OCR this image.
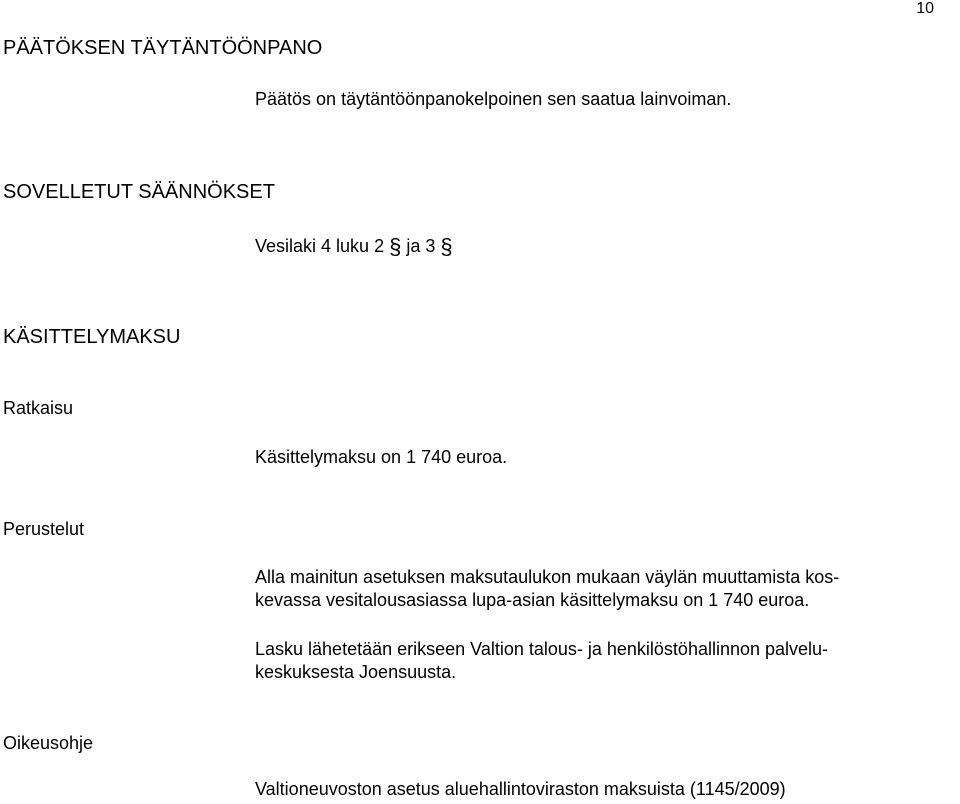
10
PÄÄTÖKSEN TÄYTÄNTÖÖNPANO

Päätös on täytäntöönpanokelpoinen sen saatua lainvoiman.

SOVELLETUT SÄÄNNÖKSET

Vesilaki 4 luku 2 § ja 3 §

KÄSITTELYMAKSU
Ratkaisu

Käsittelymaksu on 1 740 euroa.

Perustelut

Alla mainitun asetuksen maksutaulukon mukaan väylän muuttamista kos-
kevassa vesitalousasiassa lupa-asian käsittelymaksu on 1 740 euroa.

Lasku lähetetään erikseen Valtion talous- ja henkilöstöhallinnon palvelu-
keskuksesta Joensuusta.

Oikeusohje

Valtioneuvoston asetus aluehallintoviraston maksuista (1145/2009)
